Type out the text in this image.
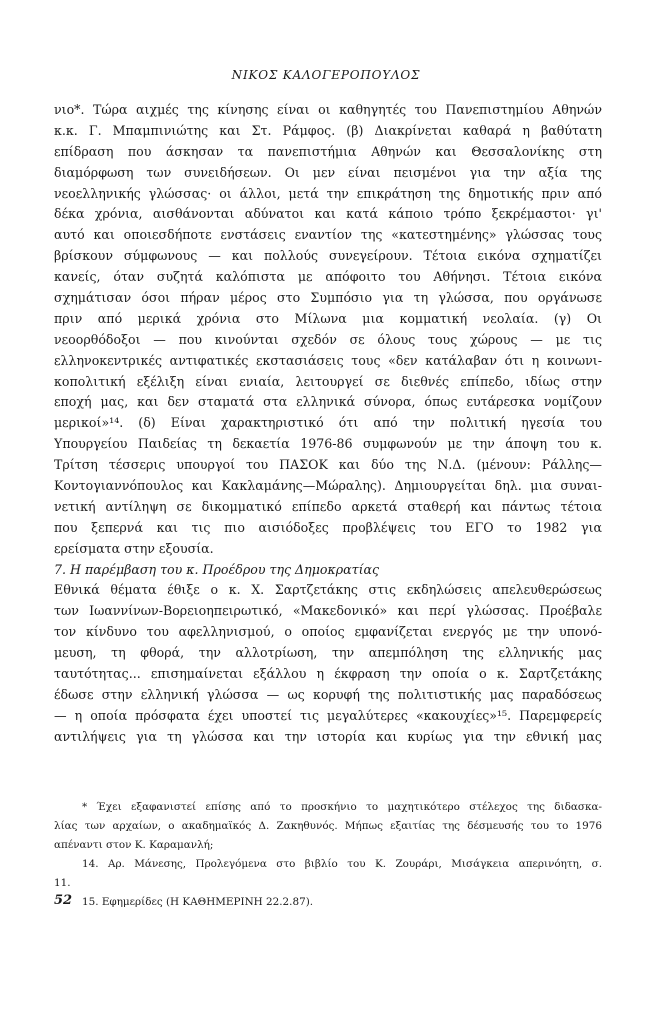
ΝΙΚΟΣ ΚΑΛΟΓΕΡΟΠΟΥΛΟΣ
νιο*. Τώρα αιχμές της κίνησης είναι οι καθηγητές του Πανεπιστημίου Αθηνών
κ.κ. Γ. Μπαμπινιώτης και Στ. Ράμφος. (β) Διακρίνεται καθαρά η βαθύτατη
επίδραση που άσκησαν τα πανεπιστήμια Αθηνών και Θεσσαλονίκης στη
διαμόρφωση των συνειδήσεων. Οι μεν είναι πεισμένοι για την αξία της
νεοελληνικής γλώσσας· οι άλλοι, μετά την επικράτηση της δημοτικής πριν από
δέκα χρόνια, αισθάνονται αδύνατοι και κατά κάποιο τρόπο ξεκρέμαστοι· γι'
αυτό και οποιεσδήποτε ενστάσεις εναντίον της «κατεστημένης» γλώσσας τους
βρίσκουν σύμφωνους — και πολλούς συνεγείρουν. Τέτοια εικόνα σχηματίζει
κανείς, όταν συζητά καλόπιστα με απόφοιτο του Αθήνησι. Τέτοια εικόνα
σχημάτισαν όσοι πήραν μέρος στο Συμπόσιο για τη γλώσσα, που οργάνωσε
πριν από μερικά χρόνια στο Μίλωνα μια κομματική νεολαία. (γ) Οι
νεοορθόδοξοι — που κινούνται σχεδόν σε όλους τους χώρους — με τις
ελληνοκεντρικές αντιφατικές εκστασιάσεις τους «δεν κατάλαβαν ότι η κοινωνι-
κοπολιτική εξέλιξη είναι ενιαία, λειτουργεί σε διεθνές επίπεδο, ιδίως στην
εποχή μας, και δεν σταματά στα ελληνικά σύνορα, όπως ευτάρεσκα νομίζουν
μερικοί»¹⁴. (δ) Είναι χαρακτηριστικό ότι από την πολιτική ηγεσία του
Υπουργείου Παιδείας τη δεκαετία 1976-86 συμφωνούν με την άποψη του κ.
Τρίτση τέσσερις υπουργοί του ΠΑΣΟΚ και δύο της Ν.Δ. (μένουν: Ράλλης—
Κοντογιαννόπουλος και Κακλαμάνης—Μώραλης). Δημιουργείται δηλ. μια συναι-
νετική αντίληψη σε δικομματικό επίπεδο αρκετά σταθερή και πάντως τέτοια
που ξεπερνά και τις πιο αισιόδοξες προβλέψεις του ΕΓΟ το 1982 για
ερείσματα στην εξουσία.
7. Η παρέμβαση του κ. Προέδρου της Δημοκρατίας
Εθνικά θέματα έθιξε ο κ. Χ. Σαρτζετάκης στις εκδηλώσεις απελευθερώσεως
των Ιωαννίνων-Βορειοηπειρωτικό, «Μακεδονικό» και περί γλώσσας. Προέβαλε
τον κίνδυνο του αφελληνισμού, ο οποίος εμφανίζεται ενεργός με την υπονό-
μευση, τη φθορά, την αλλοτρίωση, την απεμπόληση της ελληνικής μας
ταυτότητας... επισημαίνεται εξάλλου η έκφραση την οποία ο κ. Σαρτζετάκης
έδωσε στην ελληνική γλώσσα — ως κορυφή της πολιτιστικής μας παραδόσεως
— η οποία πρόσφατα έχει υποστεί τις μεγαλύτερες «κακουχίες»¹⁵. Παρεμφερείς
αντιλήψεις για τη γλώσσα και την ιστορία και κυρίως για την εθνική μας
* Έχει εξαφανιστεί επίσης από το προσκήνιο το μαχητικότερο στέλεχος της διδασκα-
λίας των αρχαίων, ο ακαδημαϊκός Δ. Ζακηθυνός. Μήπως εξαιτίας της δέσμευσής του το 1976
απέναντι στον Κ. Καραμανλή;
14. Αρ. Μάνεσης, Προλεγόμενα στο βιβλίο του Κ. Ζουράρι, Μισάγκεια απερινόητη, σ.
11.
15. Εφημερίδες (Η ΚΑΘΗΜΕΡΙΝΗ 22.2.87).
52
